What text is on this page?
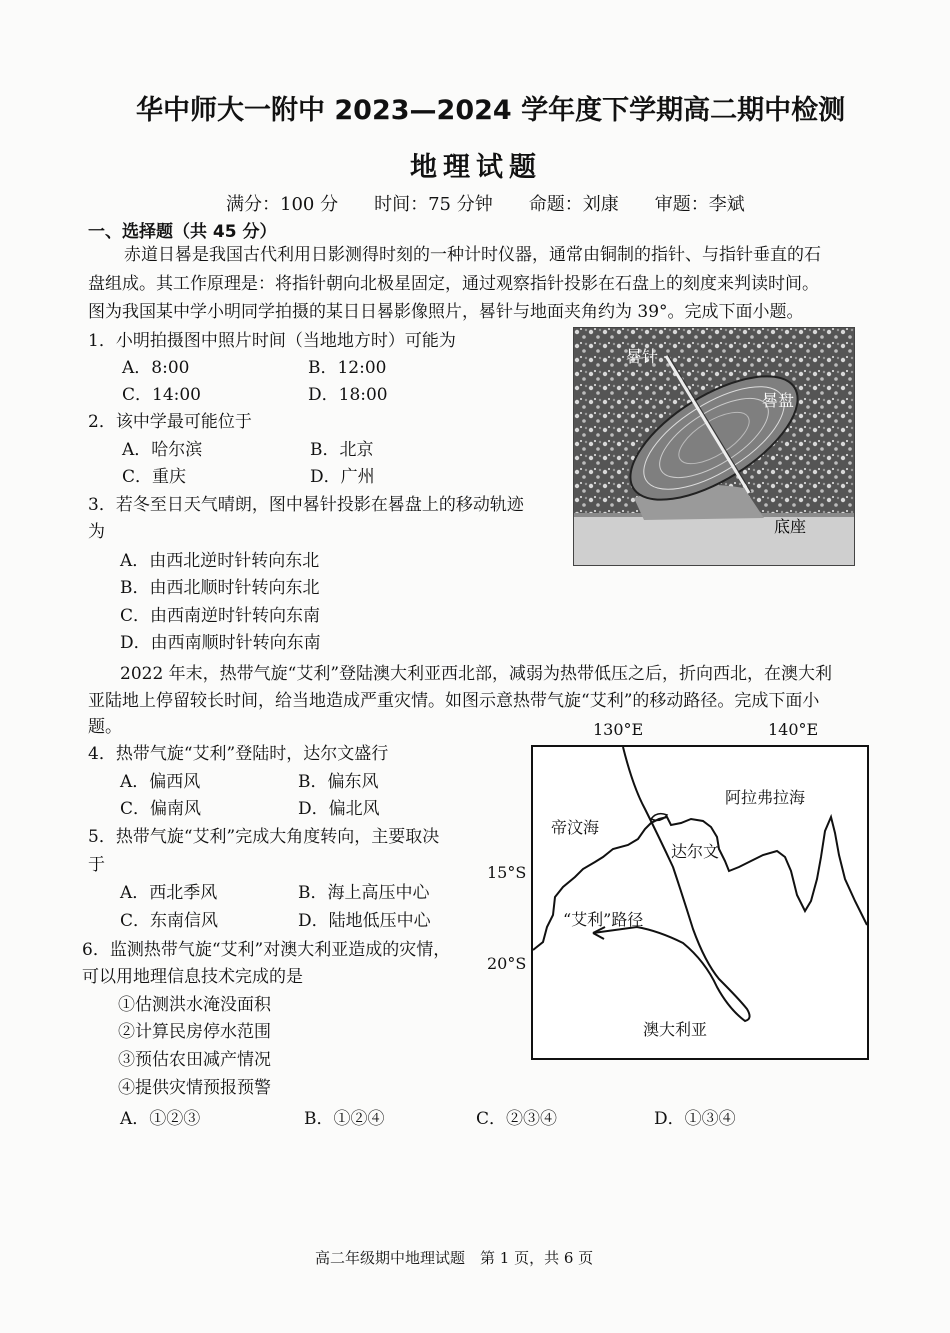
华中师大一附中 2023—2024 学年度下学期高二期中检测
地理试题
满分：100 分　　时间：75 分钟　　命题：刘康　　审题：李斌
一、选择题（共 45 分）
赤道日晷是我国古代利用日影测得时刻的一种计时仪器，通常由铜制的指针、与指针垂直的石
盘组成。其工作原理是：将指针朝向北极星固定，通过观察指针投影在石盘上的刻度来判读时间。
图为我国某中学小明同学拍摄的某日日晷影像照片，晷针与地面夹角约为 39°。完成下面小题。
1．小明拍摄图中照片时间（当地地方时）可能为
A．8:00	B．12:00
C．14:00	D．18:00
2．该中学最可能位于
A．哈尔滨	B．北京
C．重庆	D．广州
3．若冬至日天气晴朗，图中晷针投影在晷盘上的移动轨迹
为
A．由西北逆时针转向东北
B．由西北顺时针转向东北
C．由西南逆时针转向东南
D．由西南顺时针转向东南
晷针
晷盘
底座
2022 年末，热带气旋“艾利”登陆澳大利亚西北部，减弱为热带低压之后，折向西北，在澳大利
亚陆地上停留较长时间，给当地造成严重灾情。如图示意热带气旋“艾利”的移动路径。完成下面小
题。
4．热带气旋“艾利”登陆时，达尔文盛行
A．偏西风	B．偏东风
C．偏南风	D．偏北风
5．热带气旋“艾利”完成大角度转向，主要取决
于
A．西北季风	B．海上高压中心
C．东南信风	D．陆地低压中心
6．监测热带气旋“艾利”对澳大利亚造成的灾情，
可以用地理信息技术完成的是
①估测洪水淹没面积
②计算民房停水范围
③预估农田减产情况
④提供灾情预报预警
A．①②③	B．①②④	C．②③④	D．①③④
130°E	140°E
15°S
20°S
帝汶海
阿拉弗拉海
达尔文
“艾利”路径
澳大利亚
高二年级期中地理试题　第 1 页，共 6 页
